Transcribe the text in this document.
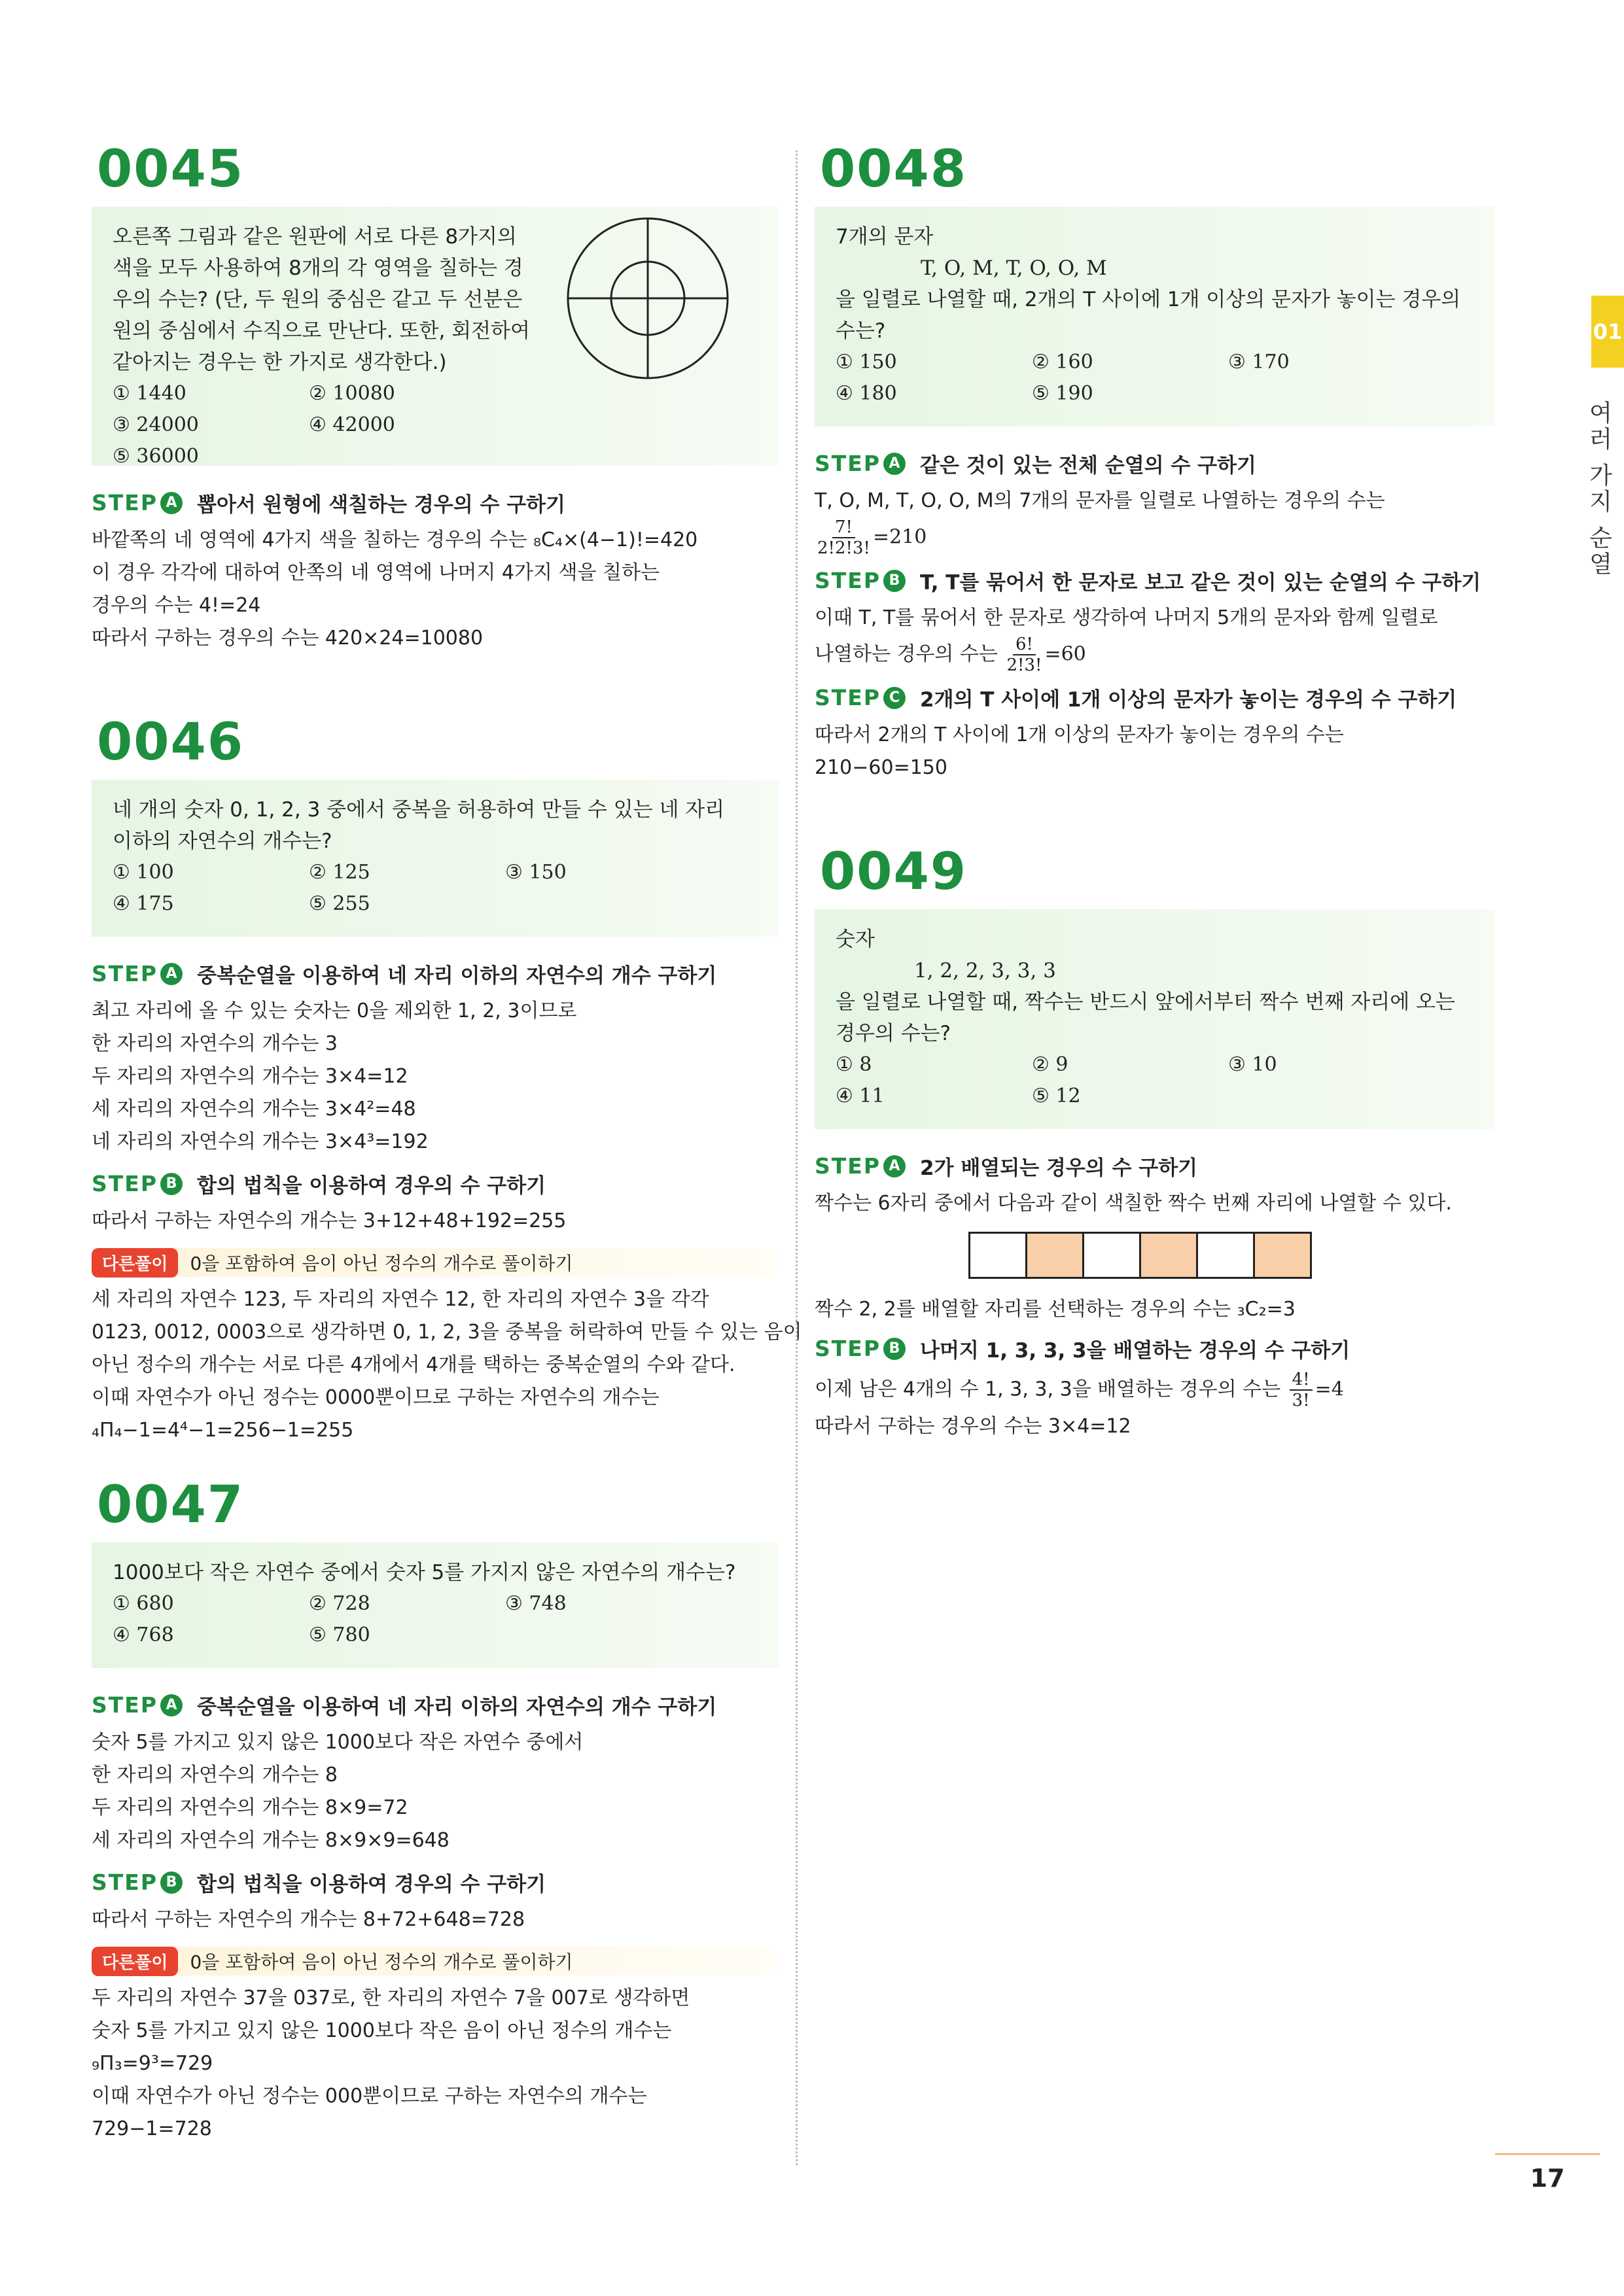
0045
오른쪽 그림과 같은 원판에 서로 다른 8가지의
색을 모두 사용하여 8개의 각 영역을 칠하는 경
우의 수는? (단, 두 원의 중심은 같고 두 선분은
원의 중심에서 수직으로 만난다. 또한, 회전하여
같아지는 경우는 한 가지로 생각한다.)
① 1440	② 10080
③ 24000	④ 42000
⑤ 36000
STEP A 뽑아서 원형에 색칠하는 경우의 수 구하기
바깥쪽의 네 영역에 4가지 색을 칠하는 경우의 수는 ₈C₄×(4−1)!=420
이 경우 각각에 대하여 안쪽의 네 영역에 나머지 4가지 색을 칠하는
경우의 수는 4!=24
따라서 구하는 경우의 수는 420×24=10080
0046
네 개의 숫자 0, 1, 2, 3 중에서 중복을 허용하여 만들 수 있는 네 자리
이하의 자연수의 개수는?
① 100	② 125	③ 150
④ 175	⑤ 255
STEP A 중복순열을 이용하여 네 자리 이하의 자연수의 개수 구하기
최고 자리에 올 수 있는 숫자는 0을 제외한 1, 2, 3이므로
한 자리의 자연수의 개수는 3
두 자리의 자연수의 개수는 3×4=12
세 자리의 자연수의 개수는 3×4²=48
네 자리의 자연수의 개수는 3×4³=192
STEP B 합의 법칙을 이용하여 경우의 수 구하기
따라서 구하는 자연수의 개수는 3+12+48+192=255
다른풀이	0을 포함하여 음이 아닌 정수의 개수로 풀이하기
세 자리의 자연수 123, 두 자리의 자연수 12, 한 자리의 자연수 3을 각각
0123, 0012, 0003으로 생각하면 0, 1, 2, 3을 중복을 허락하여 만들 수 있는 음이
아닌 정수의 개수는 서로 다른 4개에서 4개를 택하는 중복순열의 수와 같다.
이때 자연수가 아닌 정수는 0000뿐이므로 구하는 자연수의 개수는
₄Π₄−1=4⁴−1=256−1=255
0047
1000보다 작은 자연수 중에서 숫자 5를 가지지 않은 자연수의 개수는?
① 680	② 728	③ 748
④ 768	⑤ 780
STEP A 중복순열을 이용하여 네 자리 이하의 자연수의 개수 구하기
숫자 5를 가지고 있지 않은 1000보다 작은 자연수 중에서
한 자리의 자연수의 개수는 8
두 자리의 자연수의 개수는 8×9=72
세 자리의 자연수의 개수는 8×9×9=648
STEP B 합의 법칙을 이용하여 경우의 수 구하기
따라서 구하는 자연수의 개수는 8+72+648=728
다른풀이	0을 포함하여 음이 아닌 정수의 개수로 풀이하기
두 자리의 자연수 37을 037로, 한 자리의 자연수 7을 007로 생각하면
숫자 5를 가지고 있지 않은 1000보다 작은 음이 아닌 정수의 개수는
₉Π₃=9³=729
이때 자연수가 아닌 정수는 000뿐이므로 구하는 자연수의 개수는
729−1=728
0048
7개의 문자
T, O, M, T, O, O, M
을 일렬로 나열할 때, 2개의 T 사이에 1개 이상의 문자가 놓이는 경우의
수는?
① 150	② 160	③ 170
④ 180	⑤ 190
STEP A 같은 것이 있는 전체 순열의 수 구하기
T, O, M, T, O, O, M의 7개의 문자를 일렬로 나열하는 경우의 수는
$\frac{7!}{2!2!3!} =210$
STEP B T, T를 묶어서 한 문자로 보고 같은 것이 있는 순열의 수 구하기
이때 T, T를 묶어서 한 문자로 생각하여 나머지 5개의 문자와 함께 일렬로
나열하는 경우의 수는 $\frac{6!}{2!3!} =60$
STEP C 2개의 T 사이에 1개 이상의 문자가 놓이는 경우의 수 구하기
따라서 2개의 T 사이에 1개 이상의 문자가 놓이는 경우의 수는
210−60=150
0049
숫자
1, 2, 2, 3, 3, 3
을 일렬로 나열할 때, 짝수는 반드시 앞에서부터 짝수 번째 자리에 오는
경우의 수는?
① 8	② 9	③ 10
④ 11	⑤ 12
STEP A 2가 배열되는 경우의 수 구하기
짝수는 6자리 중에서 다음과 같이 색칠한 짝수 번째 자리에 나열할 수 있다.
짝수 2, 2를 배열할 자리를 선택하는 경우의 수는 ₃C₂=3
STEP B 나머지 1, 3, 3, 3을 배열하는 경우의 수 구하기
이제 남은 4개의 수 1, 3, 3, 3을 배열하는 경우의 수는 $\frac{4!}{3!} =4$
따라서 구하는 경우의 수는 3×4=12
01
여러 가지 순열
17
